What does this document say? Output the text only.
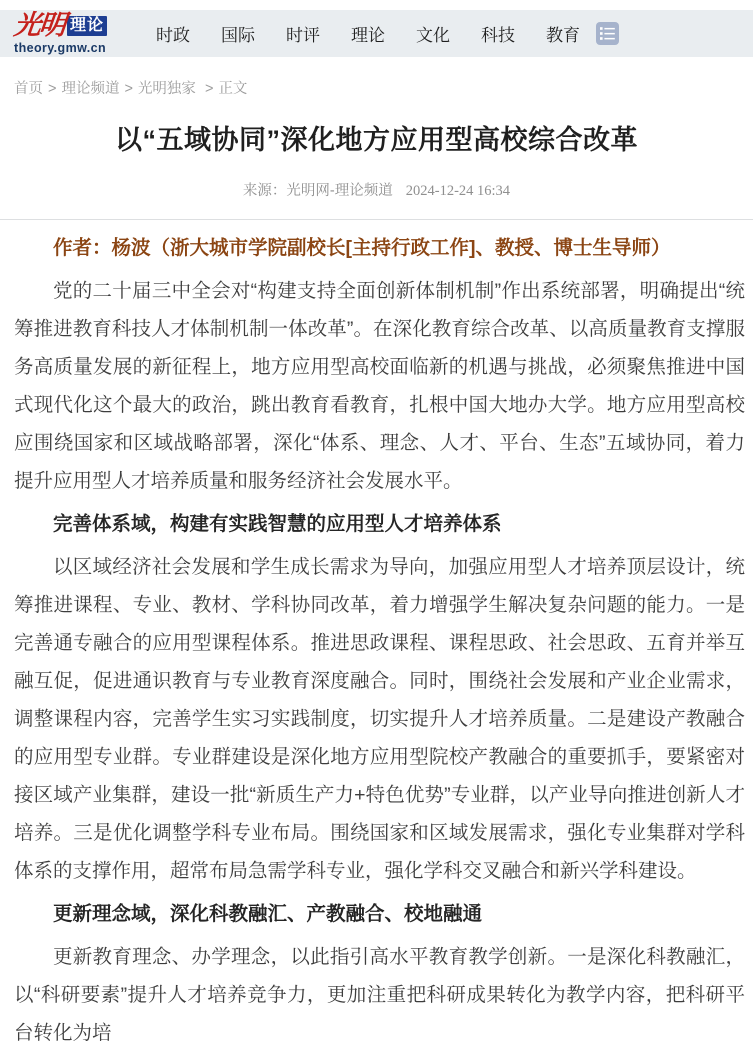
光明 理论
theory.gmw.cn
时政 国际 时评 理论 文化 科技 教育
首页 > 理论频道 > 光明独家 > 正文
以“五域协同”深化地方应用型高校综合改革
来源：光明网-理论频道 2024-12-24 16:34

作者：杨波（浙大城市学院副校长[主持行政工作]、教授、博士生导师）

党的二十届三中全会对“构建支持全面创新体制机制”作出系统部署，明确提出“统筹推进教育科技人才体制机制一体改革”。在深化教育综合改革、以高质量教育支撑服务高质量发展的新征程上，地方应用型高校面临新的机遇与挑战，必须聚焦推进中国式现代化这个最大的政治，跳出教育看教育，扎根中国大地办大学。地方应用型高校应围绕国家和区域战略部署，深化“体系、理念、人才、平台、生态”五域协同，着力提升应用型人才培养质量和服务经济社会发展水平。

完善体系域，构建有实践智慧的应用型人才培养体系

以区域经济社会发展和学生成长需求为导向，加强应用型人才培养顶层设计，统筹推进课程、专业、教材、学科协同改革，着力增强学生解决复杂问题的能力。一是完善通专融合的应用型课程体系。推进思政课程、课程思政、社会思政、五育并举互融互促，促进通识教育与专业教育深度融合。同时，围绕社会发展和产业企业需求，调整课程内容，完善学生实习实践制度，切实提升人才培养质量。二是建设产教融合的应用型专业群。专业群建设是深化地方应用型院校产教融合的重要抓手，要紧密对接区域产业集群，建设一批“新质生产力+特色优势”专业群，以产业导向推进创新人才培养。三是优化调整学科专业布局。围绕国家和区域发展需求，强化专业集群对学科体系的支撑作用，超常布局急需学科专业，强化学科交叉融合和新兴学科建设。

更新理念域，深化科教融汇、产教融合、校地融通

更新教育理念、办学理念，以此指引高水平教育教学创新。一是深化科教融汇，以“科研要素”提升人才培养竞争力，更加注重把科研成果转化为教学内容，把科研平台转化为培
